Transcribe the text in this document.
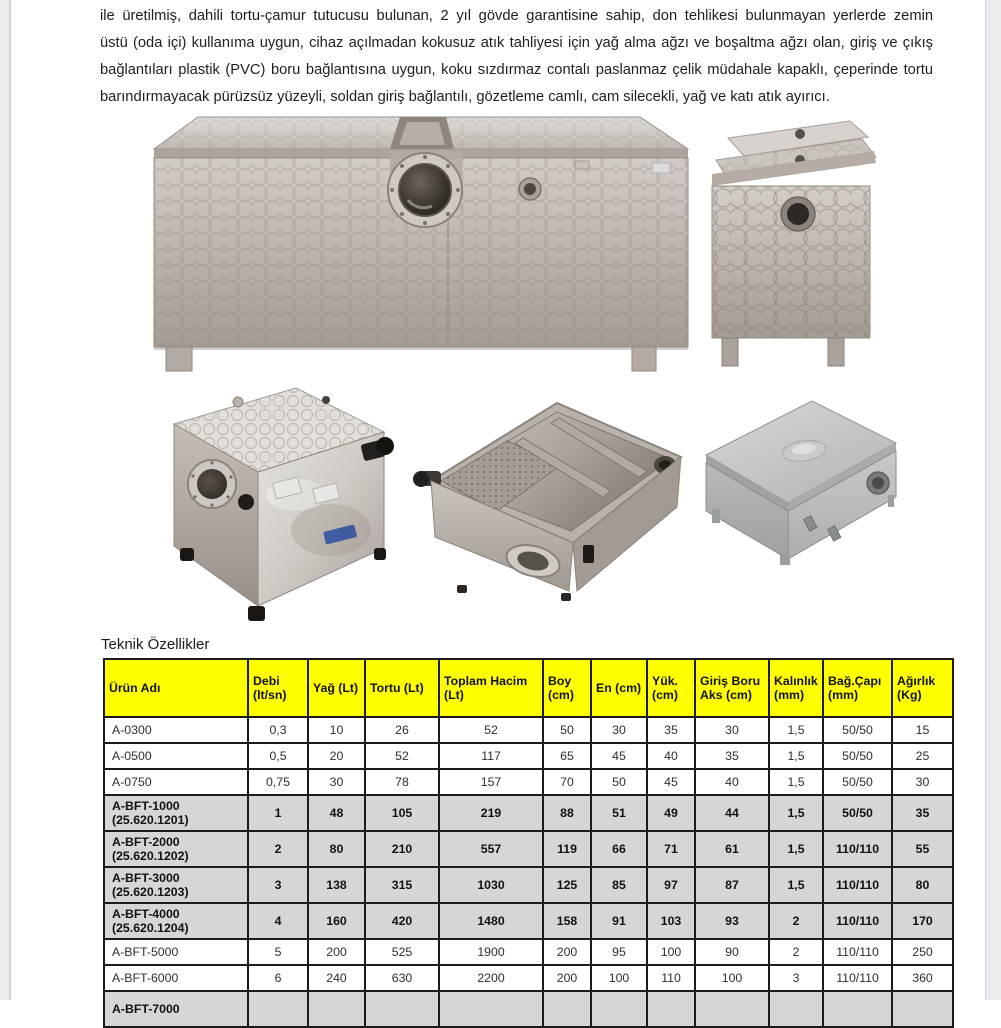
ile üretilmiş, dahili tortu-çamur tutucusu bulunan, 2 yıl gövde garantisine sahip, don tehlikesi bulunmayan yerlerde zemin
üstü (oda içi) kullanıma uygun, cihaz açılmadan kokusuz atık tahliyesi için yağ alma ağzı ve boşaltma ağzı olan, giriş ve çıkış
bağlantıları plastik (PVC) boru bağlantısına uygun, koku sızdırmaz contalı paslanmaz çelik müdahale kapaklı, çeperinde tortu
barındırmayacak pürüzsüz yüzeyli, soldan giriş bağlantılı, gözetleme camlı, cam silecekli, yağ ve katı atık ayırıcı.
Teknik Özellikler
Ürün Adı	Debi (lt/sn)	Yağ (Lt)	Tortu (Lt)	Toplam Hacim (Lt)	Boy (cm)	En (cm)	Yük. (cm)	Giriş Boru Aks (cm)	Kalınlık (mm)	Bağ.Çapı (mm)	Ağırlık (Kg)
A-0300	0,3	10	26	52	50	30	35	30	1,5	50/50	15
A-0500	0,5	20	52	117	65	45	40	35	1,5	50/50	25
A-0750	0,75	30	78	157	70	50	45	40	1,5	50/50	30
A-BFT-1000
(25.620.1201)	1	48	105	219	88	51	49	44	1,5	50/50	35
A-BFT-2000
(25.620.1202)	2	80	210	557	119	66	71	61	1,5	110/110	55
A-BFT-3000
(25.620.1203)	3	138	315	1030	125	85	97	87	1,5	110/110	80
A-BFT-4000
(25.620.1204)	4	160	420	1480	158	91	103	93	2	110/110	170
A-BFT-5000	5	200	525	1900	200	95	100	90	2	110/110	250
A-BFT-6000	6	240	630	2200	200	100	110	100	3	110/110	360
A-BFT-7000											
